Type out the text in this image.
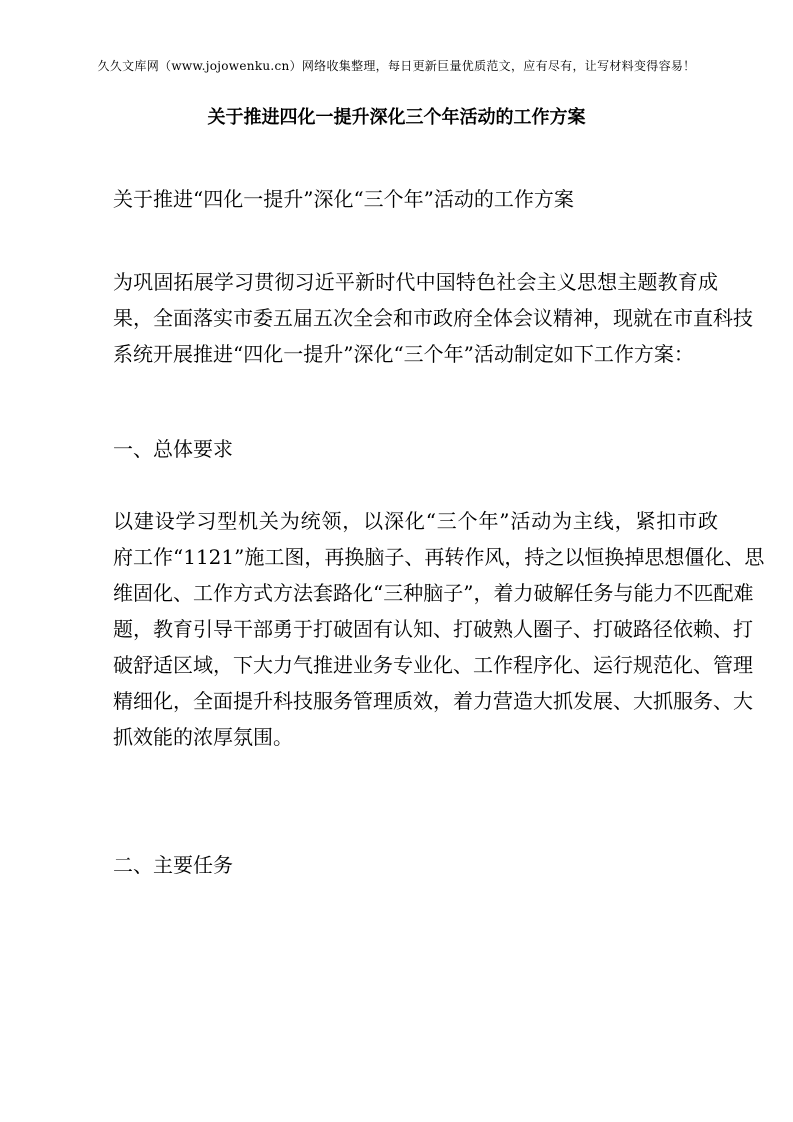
久久文库网（www.jojowenku.cn）网络收集整理，每日更新巨量优质范文，应有尽有，让写材料变得容易！
关于推进四化一提升深化三个年活动的工作方案
关于推进“四化一提升”深化“三个年”活动的工作方案
为巩固拓展学习贯彻习近平新时代中国特色社会主义思想主题教育成
果，全面落实市委五届五次全会和市政府全体会议精神，现就在市直科技
系统开展推进“四化一提升”深化“三个年”活动制定如下工作方案：
一、总体要求
以建设学习型机关为统领，以深化“三个年”活动为主线，紧扣市政
府工作“1121”施工图，再换脑子、再转作风，持之以恒换掉思想僵化、思
维固化、工作方式方法套路化“三种脑子”，着力破解任务与能力不匹配难
题，教育引导干部勇于打破固有认知、打破熟人圈子、打破路径依赖、打
破舒适区域，下大力气推进业务专业化、工作程序化、运行规范化、管理
精细化，全面提升科技服务管理质效，着力营造大抓发展、大抓服务、大
抓效能的浓厚氛围。
二、主要任务
